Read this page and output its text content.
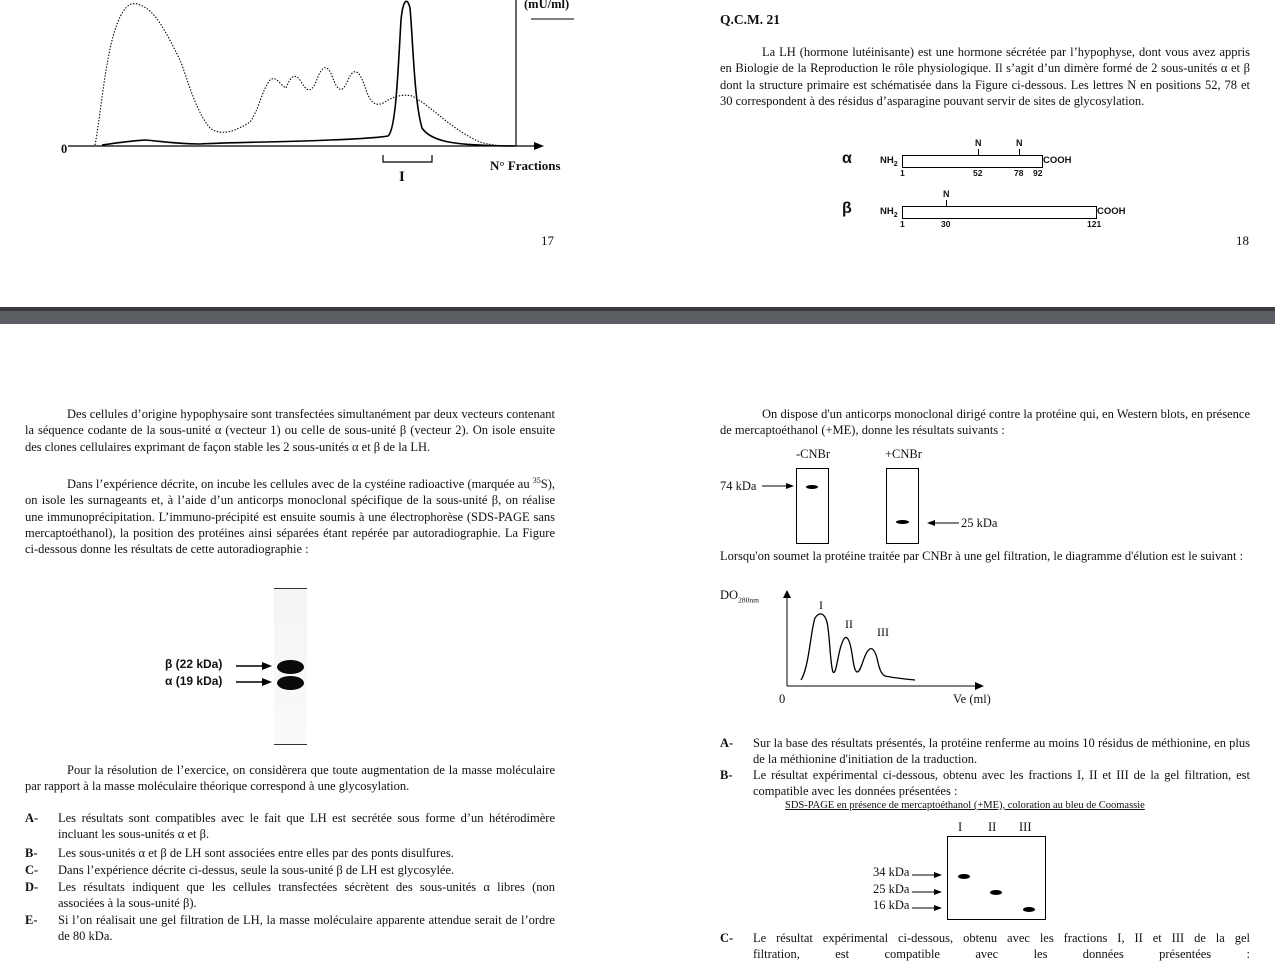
(mU/ml)
0
N° Fractions
I
17
Q.C.M. 21
La LH (hormone lutéinisante) est une hormone sécrétée par l’hypophyse, dont vous avez appris en Biologie de la Reproduction le rôle physiologique. Il s’agit d’un dimère formé de 2 sous-unités α et β dont la structure primaire est schématisée dans la Figure ci-dessous. Les lettres N en positions 52, 78 et 30 correspondent à des résidus d’asparagine pouvant servir de sites de glycosylation.
α	$NH_2$	COOH
N	N
1	52	78 92
β	$NH_2$	COOH
N
1	30	121
18
Des cellules d’origine hypophysaire sont transfectées simultanément par deux vecteurs contenant la séquence codante de la sous-unité α (vecteur 1) ou celle de sous-unité β (vecteur 2). On isole ensuite des clones cellulaires exprimant de façon stable les 2 sous-unités α et β de la LH.
Dans l’expérience décrite, on incube les cellules avec de la cystéine radioactive (marquée au $^{35}$S), on isole les surnageants et, à l’aide d’un anticorps monoclonal spécifique de la sous-unité β, on réalise une immunoprécipitation. L’immuno-précipité est ensuite soumis à une électrophorèse (SDS-PAGE sans mercaptoéthanol), la position des protéines ainsi séparées étant repérée par autoradiographie. La Figure ci-dessous donne les résultats de cette autoradiographie :
β (22 kDa)
α (19 kDa)
Pour la résolution de l’exercice, on considèrera que toute augmentation de la masse moléculaire par rapport à la masse moléculaire théorique correspond à une glycosylation.
A- Les résultats sont compatibles avec le fait que LH est secrétée sous forme d’un hétérodimère incluant les sous-unités α et β.
B- Les sous-unités α et β de LH sont associées entre elles par des ponts disulfures.
C- Dans l’expérience décrite ci-dessus, seule la sous-unité β de LH est glycosylée.
D- Les résultats indiquent que les cellules transfectées sécrètent des sous-unités α libres (non associées à la sous-unité β).
E- Si l’on réalisait une gel filtration de LH, la masse moléculaire apparente attendue serait de l’ordre de 80 kDa.
On dispose d'un anticorps monoclonal dirigé contre la protéine qui, en Western blots, en présence de mercaptoéthanol (+ME), donne les résultats suivants :
-CNBr	+CNBr
74 kDa
25 kDa
Lorsqu'on soumet la protéine traitée par CNBr à une gel filtration, le diagramme d'élution est le suivant :
$DO_{280nm}$	I
II
III
0	Ve (ml)
A- Sur la base des résultats présentés, la protéine renferme au moins 10 résidus de méthionine, en plus de la méthionine d'initiation de la traduction.
B- Le résultat expérimental ci-dessous, obtenu avec les fractions I, II et III de la gel filtration, est compatible avec les données présentées :
SDS-PAGE en présence de mercaptoéthanol (+ME), coloration au bleu de Coomassie
I II III
34 kDa
25 kDa
16 kDa
C- Le résultat expérimental ci-dessous, obtenu avec les fractions I, II et III de la gel
filtration, est compatible avec les données présentées :
